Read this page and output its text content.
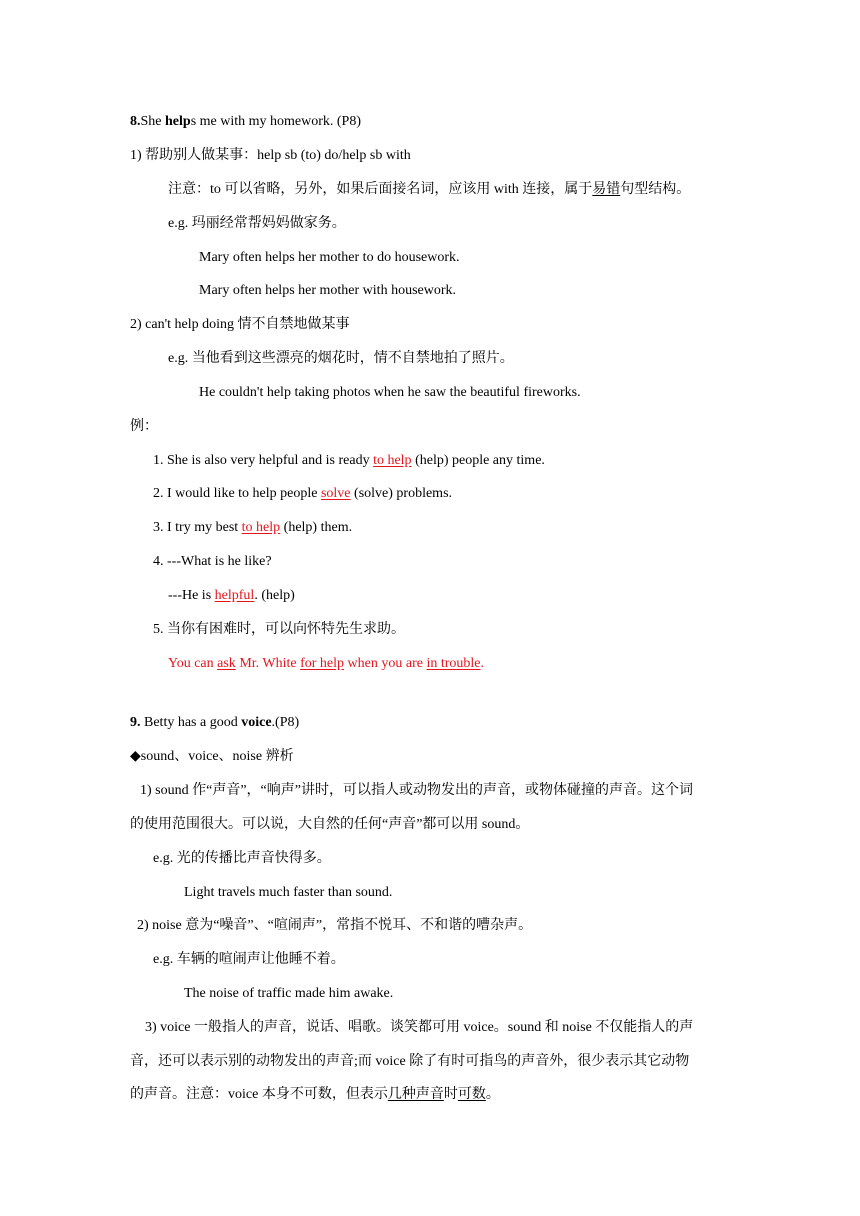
8.She helps me with my homework. (P8)
1) 帮助别人做某事：help sb (to) do/help sb with
注意：to 可以省略，另外，如果后面接名词，应该用 with 连接，属于易错句型结构。
e.g. 玛丽经常帮妈妈做家务。
Mary often helps her mother to do housework.
Mary often helps her mother with housework.
2) can't help doing 情不自禁地做某事
e.g. 当他看到这些漂亮的烟花时，情不自禁地拍了照片。
He couldn't help taking photos when he saw the beautiful fireworks.
例：
1. She is also very helpful and is ready to help (help) people any time.
2. I would like to help people solve (solve) problems.
3. I try my best to help (help) them.
4. ---What is he like?
---He is helpful. (help)
5. 当你有困难时，可以向怀特先生求助。
You can ask Mr. White for help when you are in trouble.
9. Betty has a good voice.(P8)
◆sound、voice、noise 辨析
1) sound 作“声音”，“响声”讲时，可以指人或动物发出的声音，或物体碰撞的声音。这个词
的使用范围很大。可以说，大自然的任何“声音”都可以用 sound。
e.g. 光的传播比声音快得多。
Light travels much faster than sound.
2) noise 意为“噪音”、“喧闹声”，常指不悦耳、不和谐的嘈杂声。
e.g. 车辆的喧闹声让他睡不着。
The noise of traffic made him awake.
3) voice 一般指人的声音，说话、唱歌。谈笑都可用 voice。sound 和 noise 不仅能指人的声
音，还可以表示别的动物发出的声音;而 voice 除了有时可指鸟的声音外，很少表示其它动物
的声音。注意：voice 本身不可数，但表示几种声音时可数。
